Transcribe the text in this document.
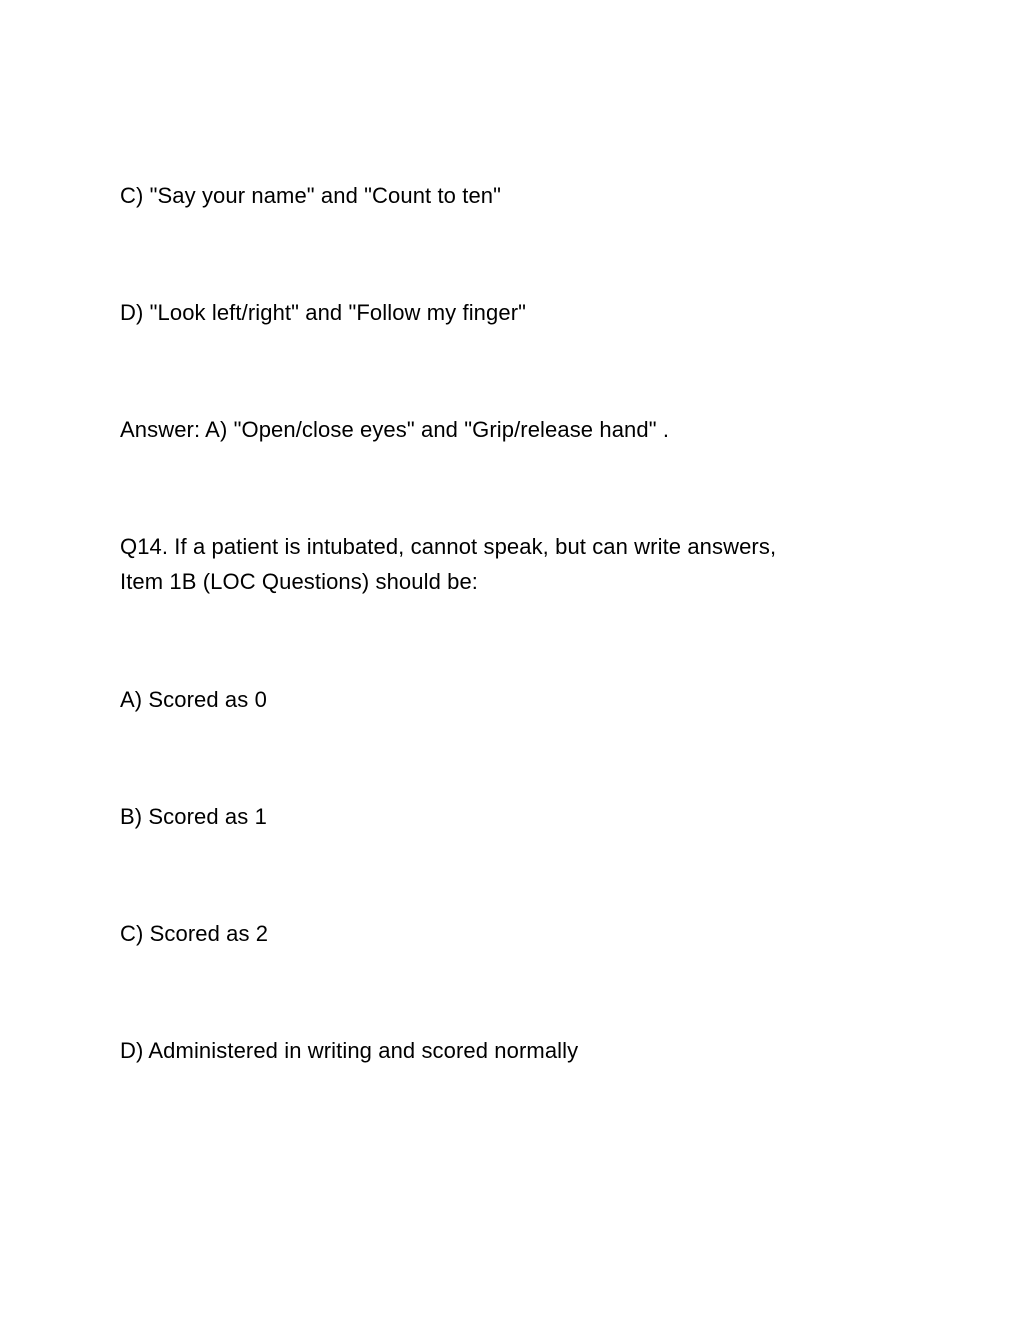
C) "Say your name" and "Count to ten"
D) "Look left/right" and "Follow my finger"
Answer: A) "Open/close eyes" and "Grip/release hand" .
Q14. If a patient is intubated, cannot speak, but can write answers,
Item 1B (LOC Questions) should be:
A) Scored as 0
B) Scored as 1
C) Scored as 2
D) Administered in writing and scored normally
